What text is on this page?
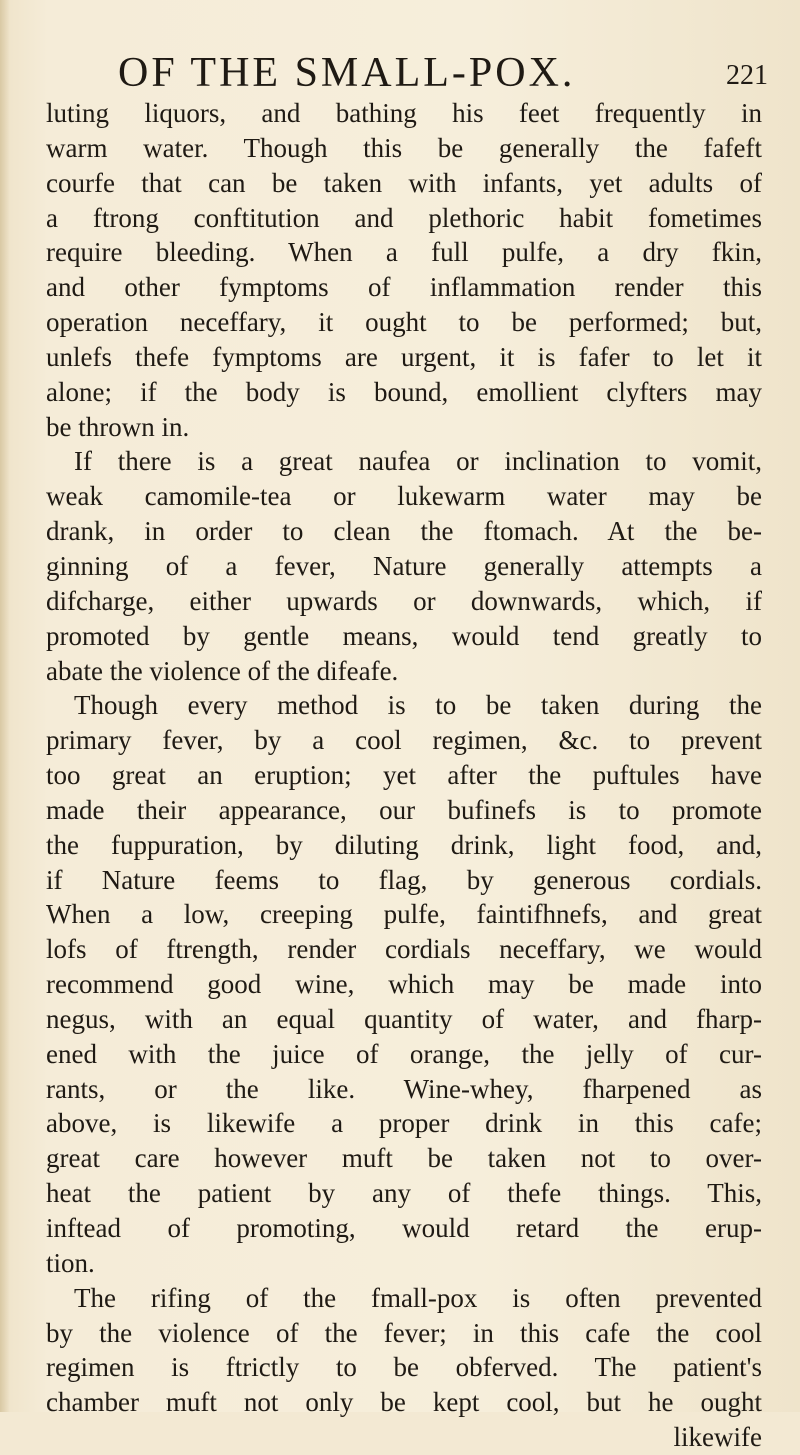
OF THE SMALL-POX.	221
luting liquors, and bathing his feet frequently in
warm water. Though this be generally the fafeft
courfe that can be taken with infants, yet adults of
a ftrong conftitution and plethoric habit fometimes
require bleeding. When a full pulfe, a dry fkin,
and other fymptoms of inflammation render this
operation neceffary, it ought to be performed; but,
unlefs thefe fymptoms are urgent, it is fafer to let it
alone; if the body is bound, emollient clyfters may
be thrown in.
If there is a great naufea or inclination to vomit,
weak camomile-tea or lukewarm water may be
drank, in order to clean the ftomach. At the be-
ginning of a fever, Nature generally attempts a
difcharge, either upwards or downwards, which, if
promoted by gentle means, would tend greatly to
abate the violence of the difeafe.
Though every method is to be taken during the
primary fever, by a cool regimen, &c. to prevent
too great an eruption; yet after the puftules have
made their appearance, our bufinefs is to promote
the fuppuration, by diluting drink, light food, and,
if Nature feems to flag, by generous cordials.
When a low, creeping pulfe, faintifhnefs, and great
lofs of ftrength, render cordials neceffary, we would
recommend good wine, which may be made into
negus, with an equal quantity of water, and fharp-
ened with the juice of orange, the jelly of cur-
rants, or the like. Wine-whey, fharpened as
above, is likewife a proper drink in this cafe;
great care however muft be taken not to over-
heat the patient by any of thefe things. This,
inftead of promoting, would retard the erup-
tion.
The rifing of the fmall-pox is often prevented
by the violence of the fever; in this cafe the cool
regimen is ftrictly to be obferved. The patient's
chamber muft not only be kept cool, but he ought
likewife
